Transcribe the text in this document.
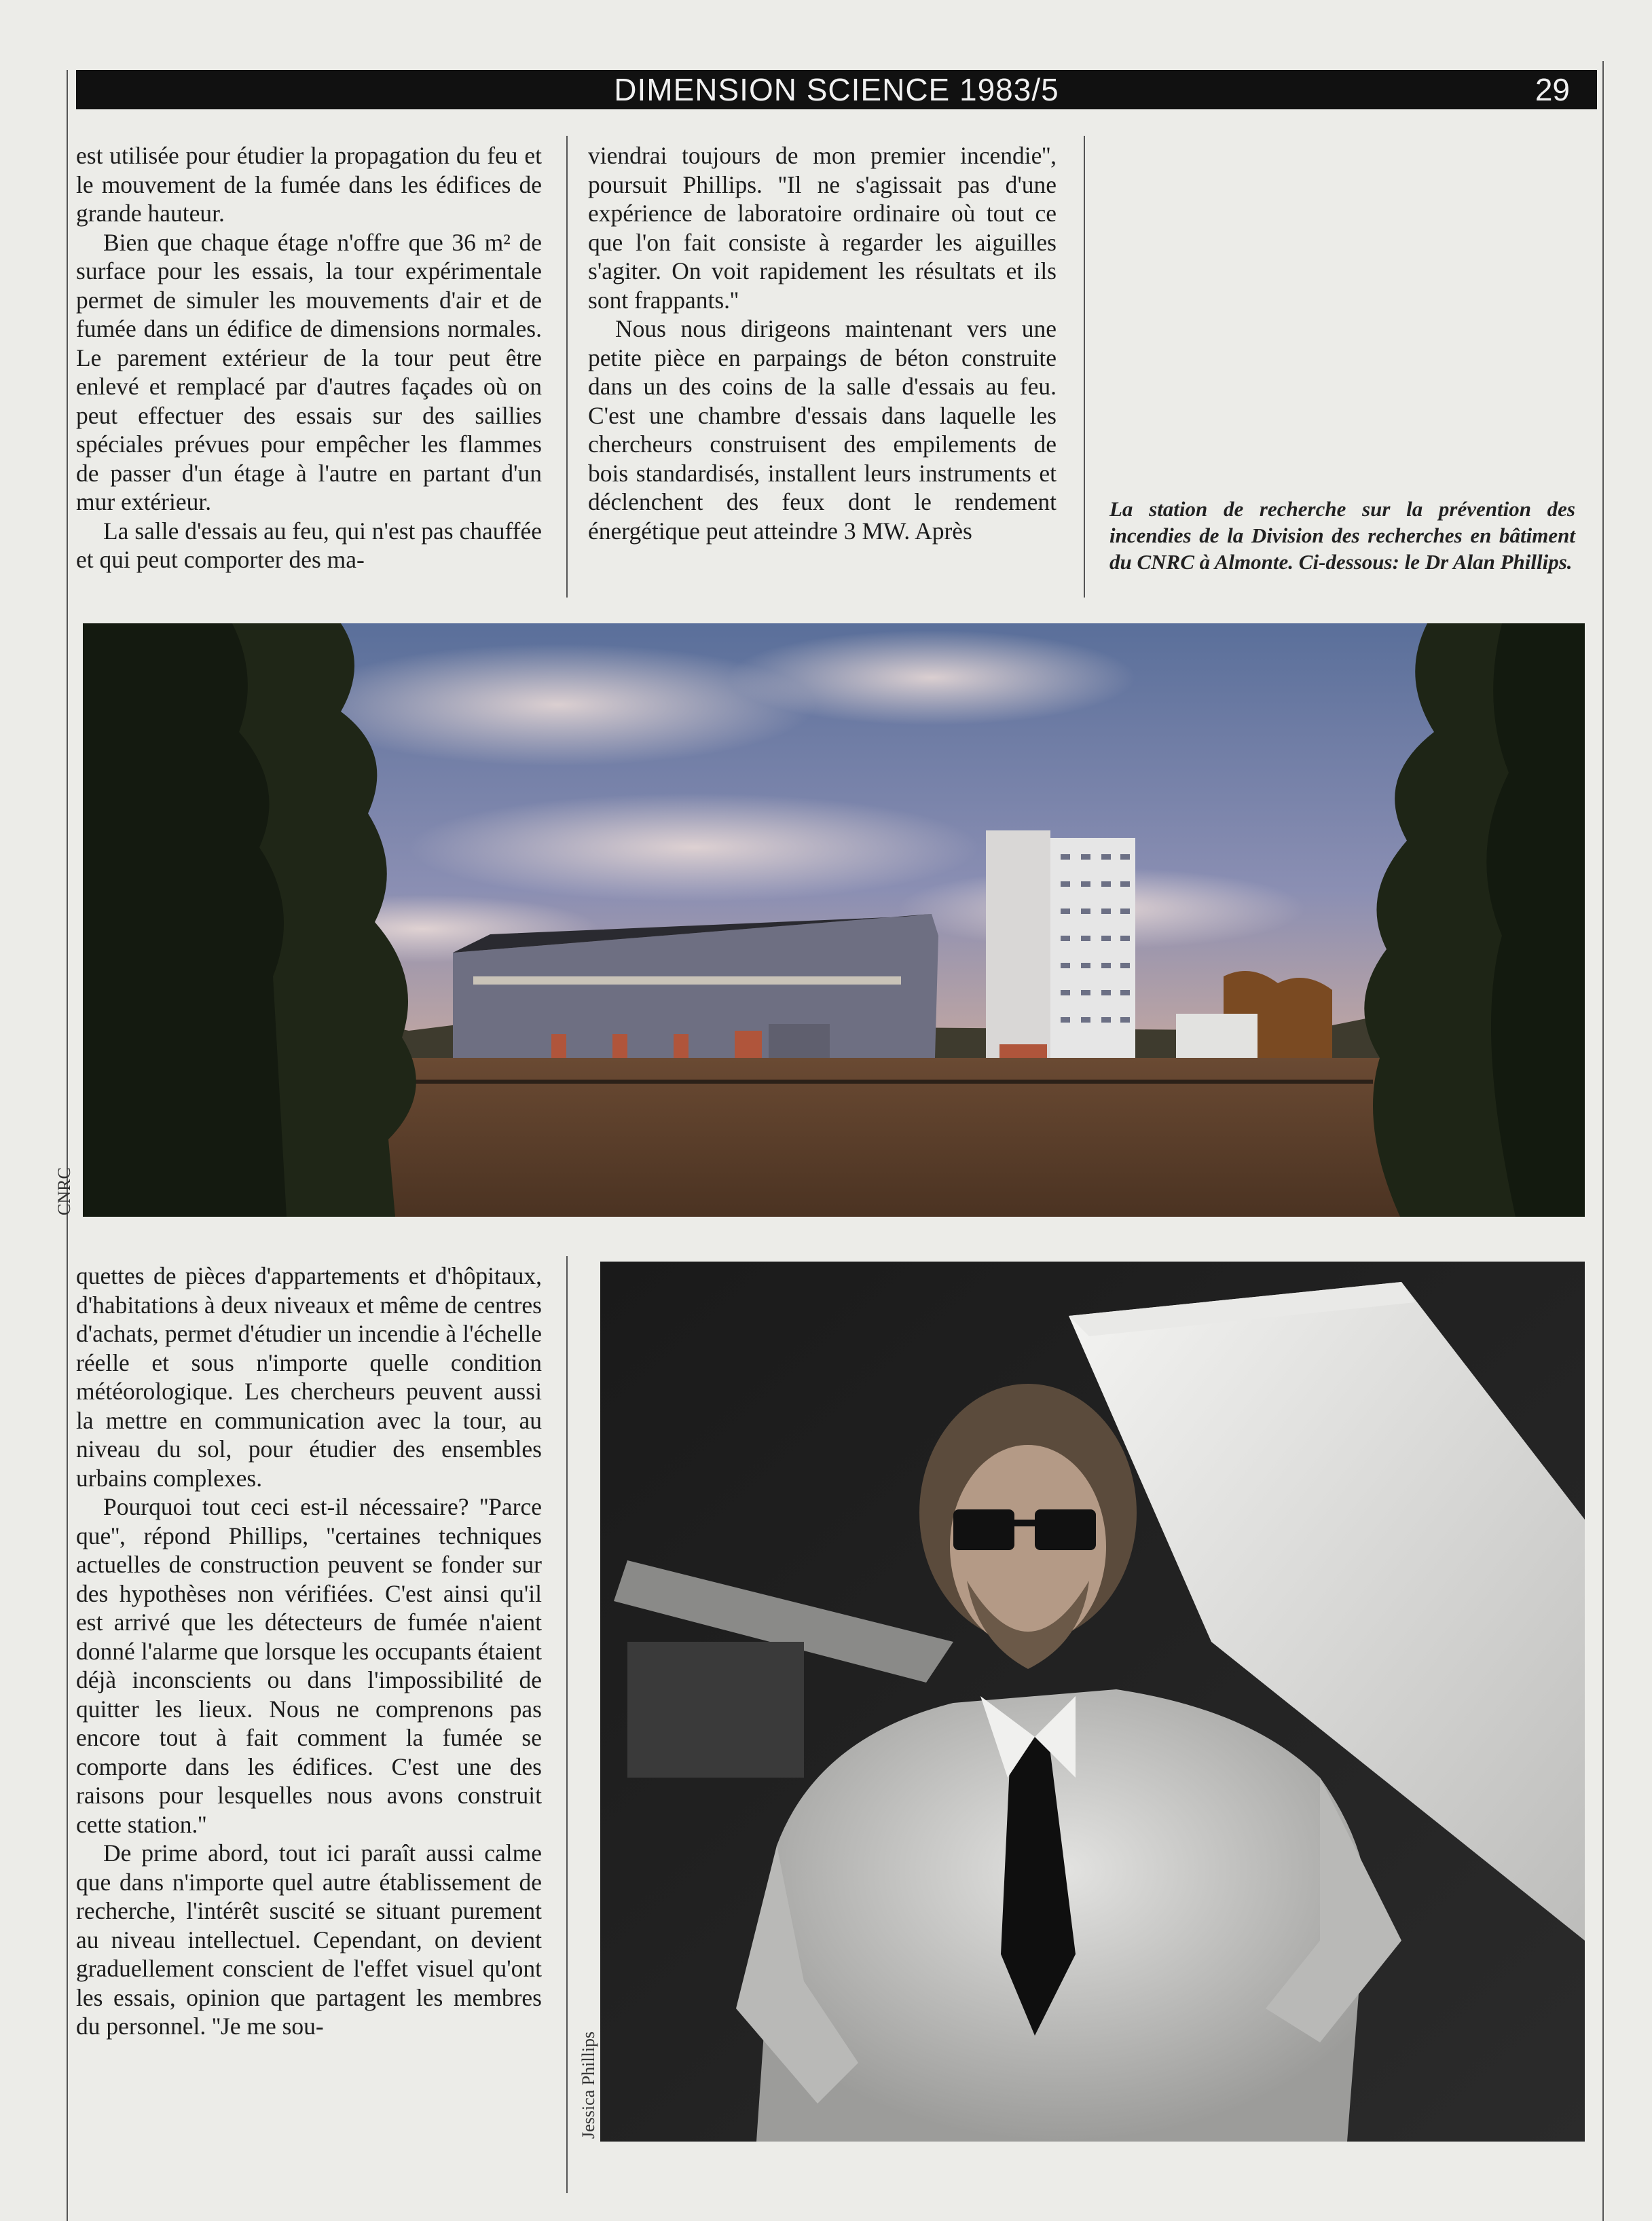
DIMENSION SCIENCE 1983/5	29

est utilisée pour étudier la propagation du feu et le mouvement de la fumée dans les édifices de grande hauteur.

Bien que chaque étage n'offre que 36 m² de surface pour les essais, la tour expérimentale permet de simuler les mouvements d'air et de fumée dans un édifice de dimensions normales. Le parement extérieur de la tour peut être enlevé et remplacé par d'autres façades où on peut effectuer des essais sur des saillies spéciales prévues pour empêcher les flammes de passer d'un étage à l'autre en partant d'un mur extérieur.

La salle d'essais au feu, qui n'est pas chauffée et qui peut comporter des ma-

viendrai toujours de mon premier incendie'', poursuit Phillips. ''Il ne s'agissait pas d'une expérience de laboratoire ordinaire où tout ce que l'on fait consiste à regarder les aiguilles s'agiter. On voit rapidement les résultats et ils sont frappants.''

Nous nous dirigeons maintenant vers une petite pièce en parpaings de béton construite dans un des coins de la salle d'essais au feu. C'est une chambre d'essais dans laquelle les chercheurs construisent des empilements de bois standardisés, installent leurs instruments et déclenchent des feux dont le rendement énergétique peut atteindre 3 MW. Après

La station de recherche sur la prévention des incendies de la Division des recherches en bâtiment du CNRC à Almonte. Ci-dessous: le Dr Alan Phillips.
CNRC

quettes de pièces d'appartements et d'hôpitaux, d'habitations à deux niveaux et même de centres d'achats, permet d'étudier un incendie à l'échelle réelle et sous n'importe quelle condition météorologique. Les chercheurs peuvent aussi la mettre en communication avec la tour, au niveau du sol, pour étudier des ensembles urbains complexes.

Pourquoi tout ceci est-il nécessaire? ''Parce que'', répond Phillips, ''certaines techniques actuelles de construction peuvent se fonder sur des hypothèses non vérifiées. C'est ainsi qu'il est arrivé que les détecteurs de fumée n'aient donné l'alarme que lorsque les occupants étaient déjà inconscients ou dans l'impossibilité de quitter les lieux. Nous ne comprenons pas encore tout à fait comment la fumée se comporte dans les édifices. C'est une des raisons pour lesquelles nous avons construit cette station.''

De prime abord, tout ici paraît aussi calme que dans n'importe quel autre établissement de recherche, l'intérêt suscité se situant purement au niveau intellectuel. Cependant, on devient graduellement conscient de l'effet visuel qu'ont les essais, opinion que partagent les membres du personnel. ''Je me sou-

Jessica Phillips
